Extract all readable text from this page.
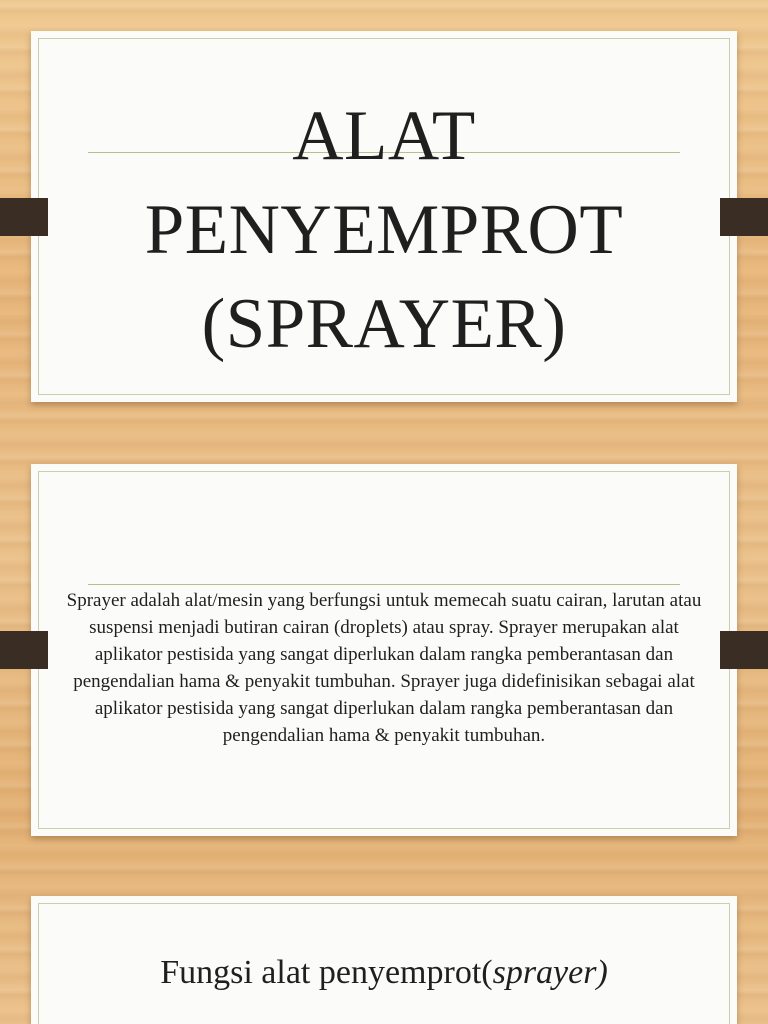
ALAT
PENYEMPROT
(SPRAYER)
Sprayer adalah alat/mesin yang berfungsi untuk memecah suatu cairan, larutan atau suspensi menjadi butiran cairan (droplets) atau spray. Sprayer merupakan alat aplikator pestisida yang sangat diperlukan dalam rangka pemberantasan dan pengendalian hama & penyakit tumbuhan. Sprayer juga didefinisikan sebagai alat aplikator pestisida yang sangat diperlukan dalam rangka pemberantasan dan pengendalian hama & penyakit tumbuhan.
Fungsi alat penyemprot(sprayer)
